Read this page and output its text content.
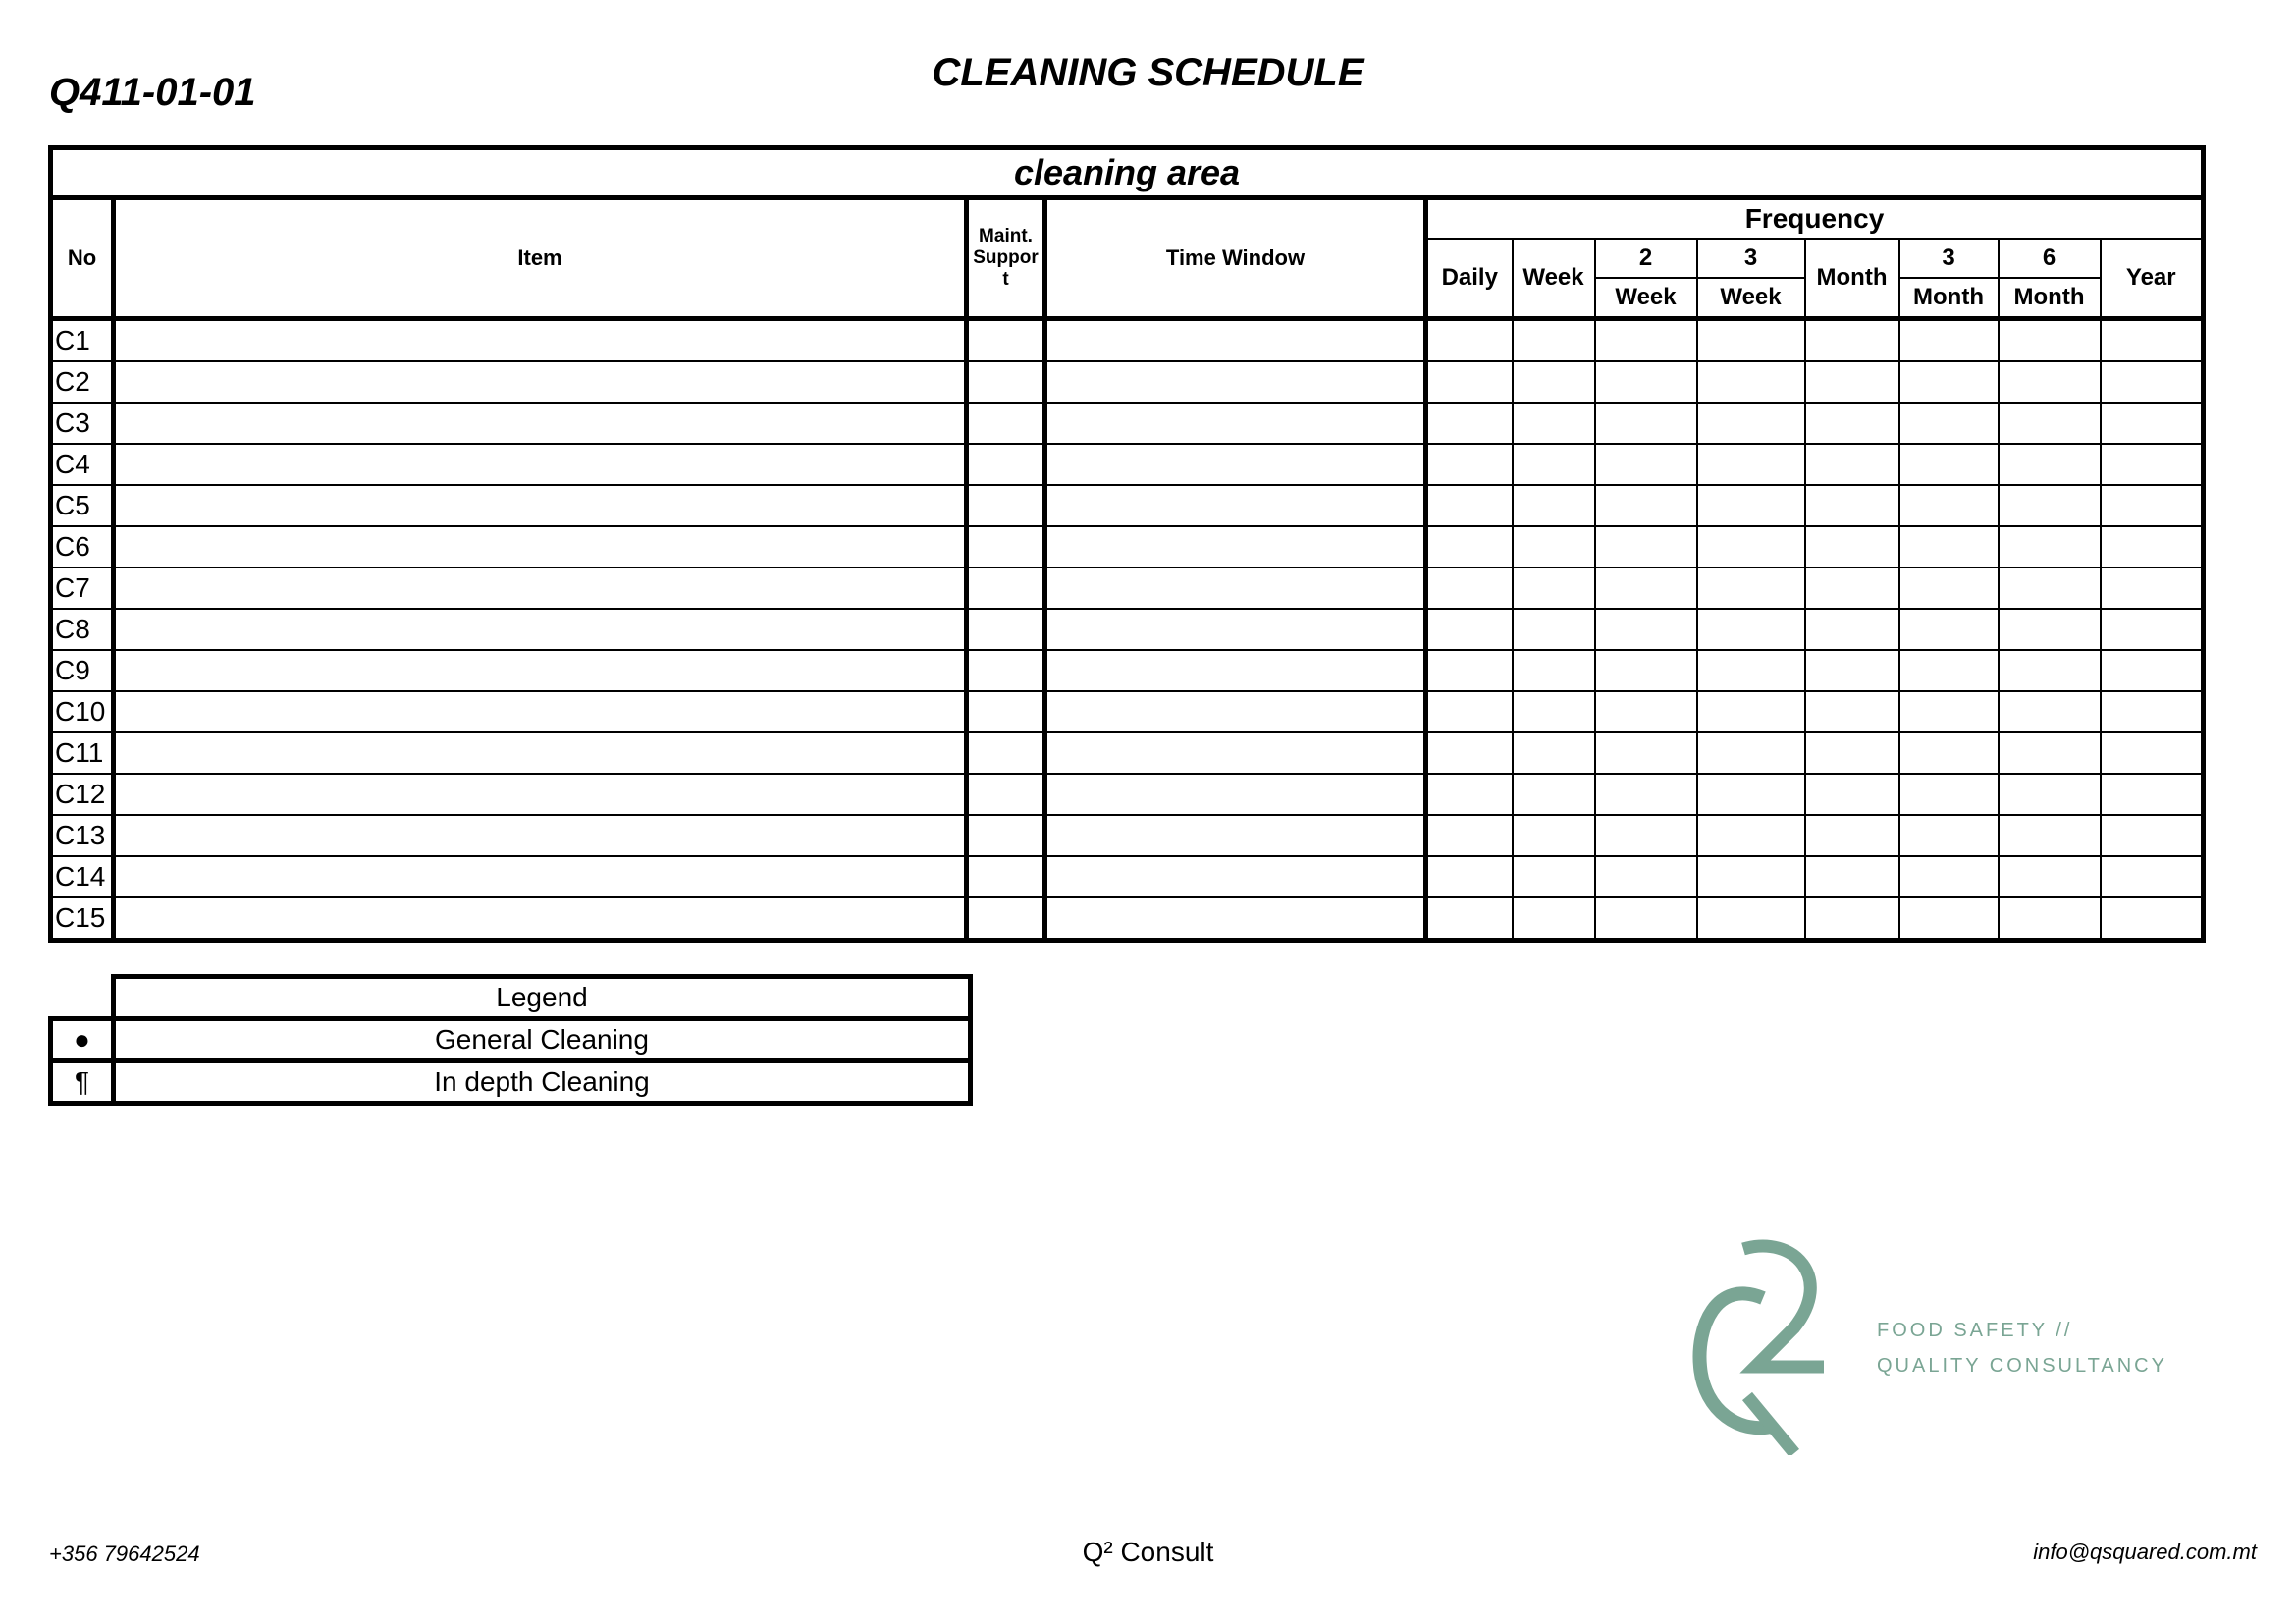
Q411-01-01	CLEANING SCHEDULE
cleaning area											
No	Item	Maint. Suppor t	Time Window	Frequency							
				Daily	Week	2	3	Month	3	6	Year
						Week	Week		Month	Month	
C1											
C2											
C3											
C4											
C5											
C6											
C7											
C8											
C9											
C10											
C11											
C12											
C13											
C14											
C15											
	Legend
●	General Cleaning
¶	In depth Cleaning
Q2
FOOD SAFETY //
QUALITY CONSULTANCY
+356 79642524	Q² Consult	info@qsquared.com.mt
